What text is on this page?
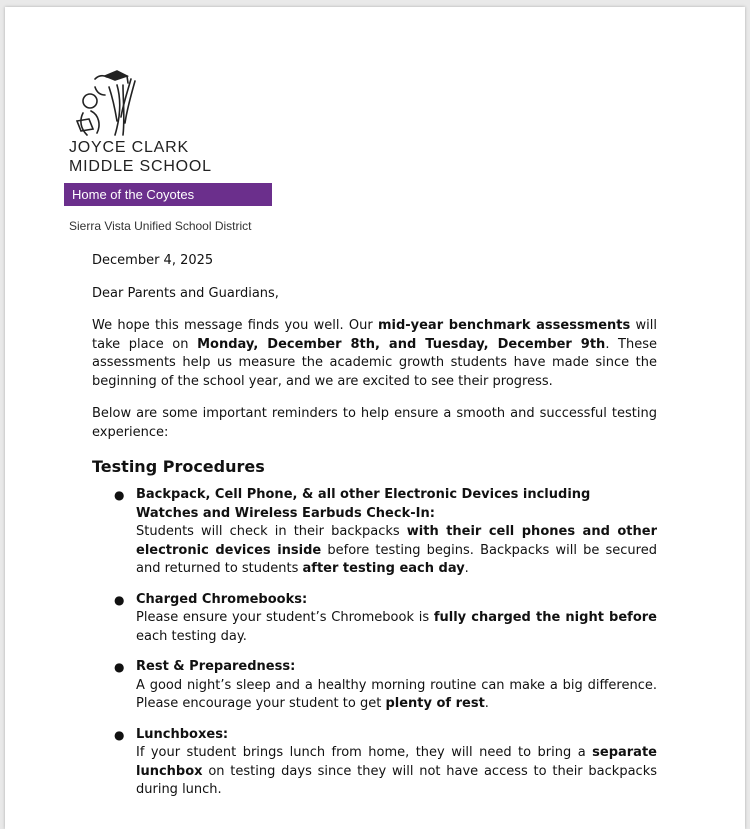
JOYCE CLARK
MIDDLE SCHOOL
Home of the Coyotes
Sierra Vista Unified School District

December 4, 2025

Dear Parents and Guardians,

We hope this message finds you well. Our mid-year benchmark assessments will take place on Monday, December 8th, and Tuesday, December 9th. These assessments help us measure the academic growth students have made since the beginning of the school year, and we are excited to see their progress.

Below are some important reminders to help ensure a smooth and successful testing experience:

Testing Procedures
● Backpack, Cell Phone, & all other Electronic Devices including Watches and Wireless Earbuds Check-In:
Students will check in their backpacks with their cell phones and other electronic devices inside before testing begins. Backpacks will be secured and returned to students after testing each day.
● Charged Chromebooks:
Please ensure your student’s Chromebook is fully charged the night before each testing day.
● Rest & Preparedness:
A good night’s sleep and a healthy morning routine can make a big difference. Please encourage your student to get plenty of rest.
● Lunchboxes:
If your student brings lunch from home, they will need to bring a separate lunchbox on testing days since they will not have access to their backpacks during lunch.
